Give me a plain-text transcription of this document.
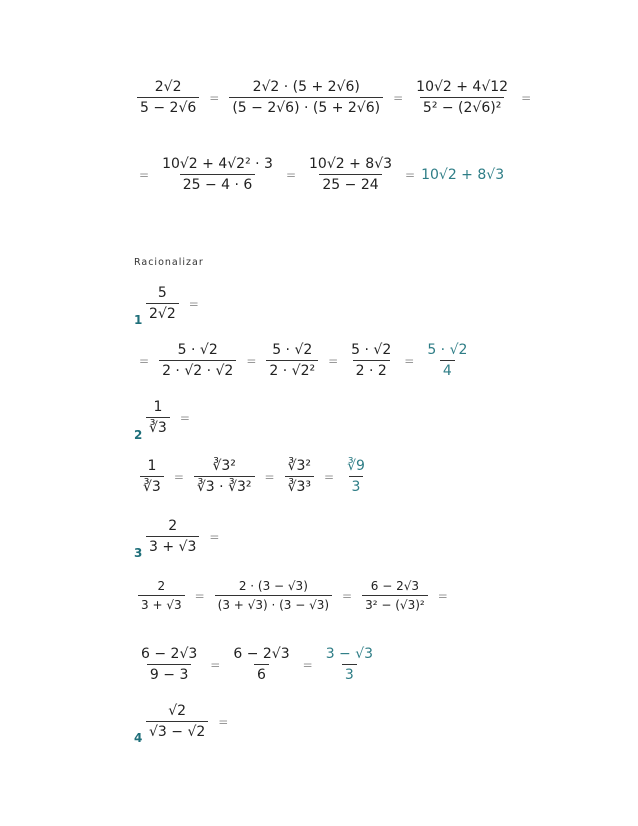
$\frac{2√2}{5 - 2√6} = \frac{2√2 \cdot (5 + 2√6)}{(5 - 2√6) \cdot (5 + 2√6)} = \frac{10√2 + 4√12}{\text{5² − (2√6)²}}$ =
= $\frac{\text{10√2 + 4√2² · 3}}{25 - 4 \cdot 6} = \frac{10√2 + 8√3}{25 - 24} = 10√2 + 8√3$
Racionalizar
$1 \frac{5}{2√2}$ =
= $\frac{5 \cdot √2}{2 \cdot √2 \cdot √2} = \frac{5 \cdot √2}{\text{2 · √2²}} = \frac{5 \cdot √2}{2 \cdot 2} = \frac{5 \cdot √2}{4}$
$2 \frac{1}{∛3}$ =
$\frac{1}{∛3} = \frac{\text{∛3²}}{\text{∛3 · ∛3²}} = \frac{\text{∛3²}}{\text{∛3³}} = \frac{∛9}{3}$
$3 \frac{2}{3 + √3}$ =
$\frac{2}{3 + √3} = \frac{2 \cdot (3 - √3)}{(3 + √3) \cdot (3 - √3)} = \frac{6 - 2√3}{\text{3² − (√3)²}}$ =
$\frac{6 - 2√3}{9 - 3} = \frac{6 - 2√3}{6} = \frac{3 - √3}{3}$
$4 \frac{√2}{√3 - √2}$ =
